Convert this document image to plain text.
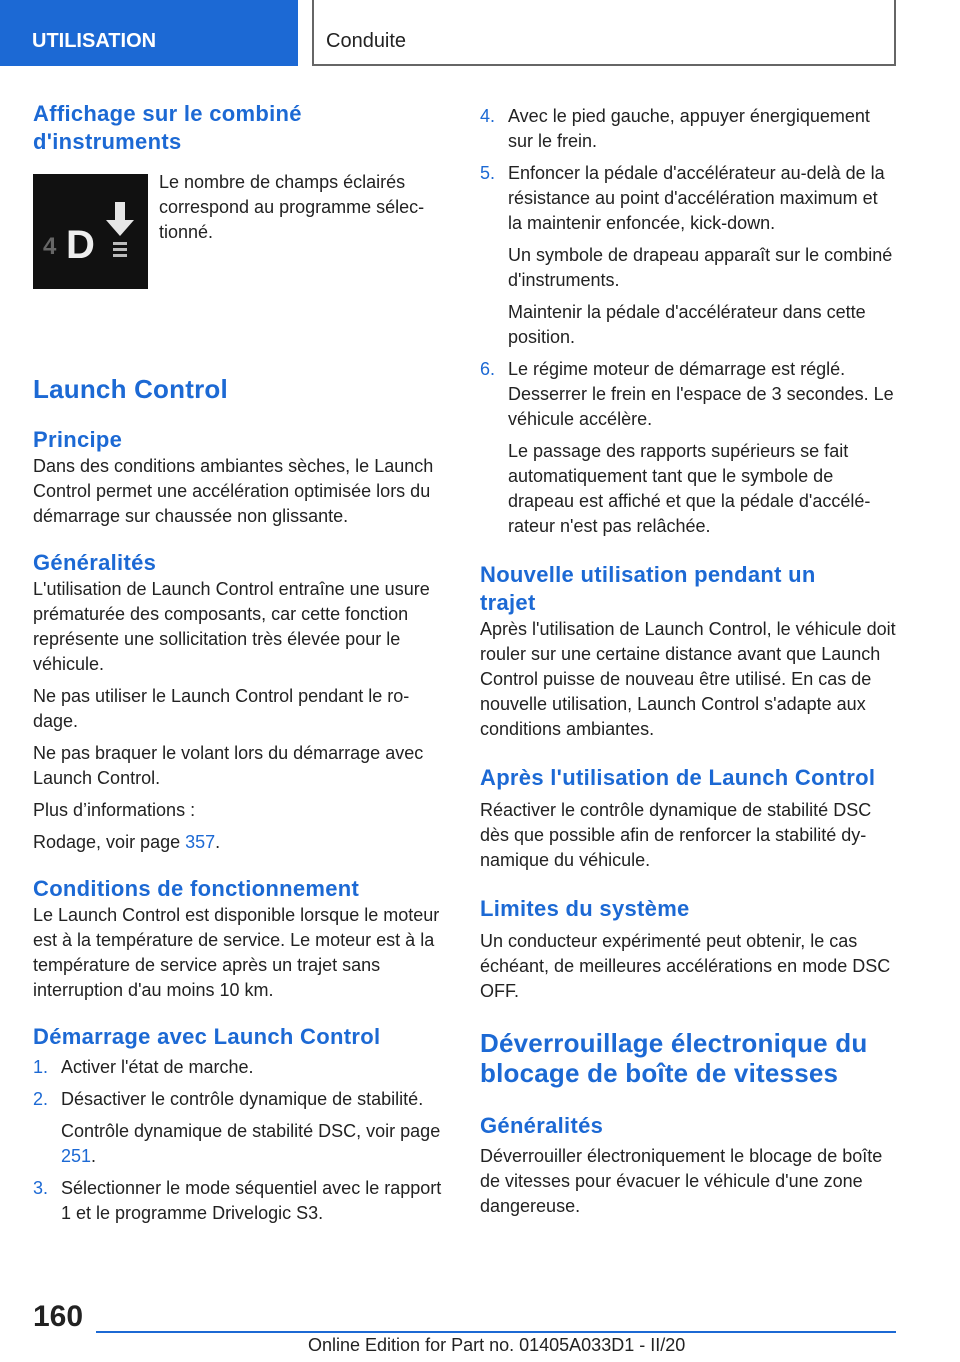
UTILISATION	Conduite
Affichage sur le combiné d'instruments
4 D

Le nombre de champs éclairés correspond au programme sélectionné.

Launch Control
Principe

Dans des conditions ambiantes sèches, le Launch Control permet une accélération optimisée lors du démarrage sur chaussée non glissante.

Généralités

L'utilisation de Launch Control entraîne une usure prématurée des composants, car cette fonction représente une sollicitation très élevée pour le véhicule.

Ne pas utiliser le Launch Control pendant le rodage.

Ne pas braquer le volant lors du démarrage avec Launch Control.

Plus d’informations :

Rodage, voir page 357.

Conditions de fonctionnement

Le Launch Control est disponible lorsque le moteur est à la température de service. Le moteur est à la température de service après un trajet sans interruption d'au moins 10 km.

Démarrage avec Launch Control
1. Activer l'état de marche.

2. Désactiver le contrôle dynamique de stabilité.

Contrôle dynamique de stabilité DSC, voir page 251.

3. Sélectionner le mode séquentiel avec le rapport 1 et le programme Drivelogic S3.

4. Avec le pied gauche, appuyer énergiquement sur le frein.

5. Enfoncer la pédale d'accélérateur au-delà de la résistance au point d'accélération maximum et la maintenir enfoncée, kick-down.

Un symbole de drapeau apparaît sur le combiné d'instruments.

Maintenir la pédale d'accélérateur dans cette position.

6. Le régime moteur de démarrage est réglé. Desserrer le frein en l'espace de 3 secondes. Le véhicule accélère.

Le passage des rapports supérieurs se fait automatiquement tant que le symbole de drapeau est affiché et que la pédale d'accélérateur n'est pas relâchée.

Nouvelle utilisation pendant un trajet

Après l'utilisation de Launch Control, le véhicule doit rouler sur une certaine distance avant que Launch Control puisse de nouveau être utilisé. En cas de nouvelle utilisation, Launch Control s'adapte aux conditions ambiantes.

Après l'utilisation de Launch Control

Réactiver le contrôle dynamique de stabilité DSC dès que possible afin de renforcer la stabilité dynamique du véhicule.

Limites du système

Un conducteur expérimenté peut obtenir, le cas échéant, de meilleures accélérations en mode DSC OFF.

Déverrouillage électronique du blocage de boîte de vitesses
Généralités

Déverrouiller électroniquement le blocage de boîte de vitesses pour évacuer le véhicule d'une zone dangereuse.

160
Online Edition for Part no. 01405A033D1 - II/20
